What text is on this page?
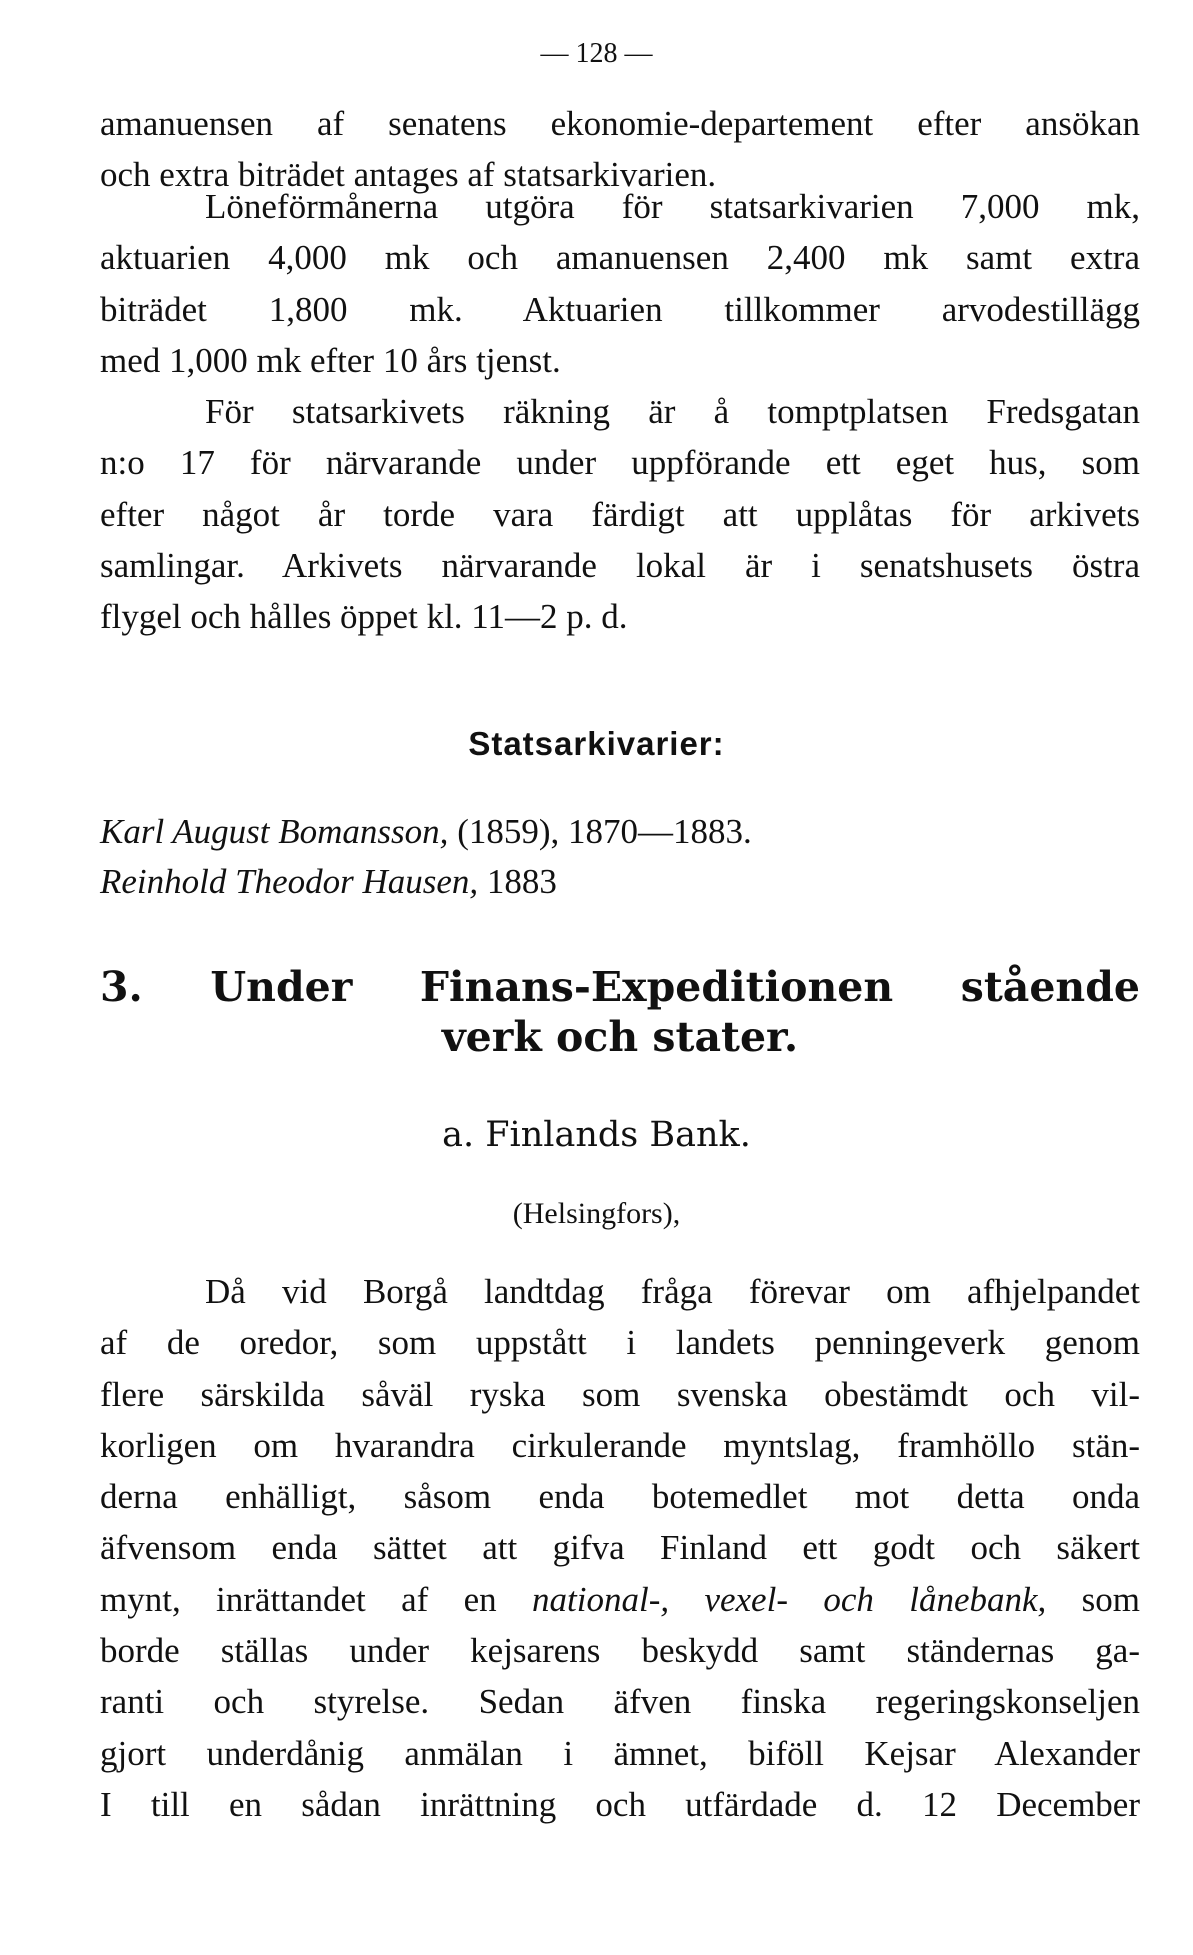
— 128 —
amanuensen af senatens ekonomie-departement efter ansökan
och extra biträdet antages af statsarkivarien.
Löneförmånerna utgöra för statsarkivarien 7,000 mk,
aktuarien 4,000 mk och amanuensen 2,400 mk samt extra
biträdet 1,800 mk. Aktuarien tillkommer arvodestillägg
med 1,000 mk efter 10 års tjenst.
För statsarkivets räkning är å tomptplatsen Fredsgatan
n:o 17 för närvarande under uppförande ett eget hus, som
efter något år torde vara färdigt att upplåtas för arkivets
samlingar. Arkivets närvarande lokal är i senatshusets östra
flygel och hålles öppet kl. 11—2 p. d.
Statsarkivarier:
Karl August Bomansson, (1859), 1870—1883.
Reinhold Theodor Hausen, 1883
3. Under Finans-Expeditionen stående
verk och stater.
a. Finlands Bank.
(Helsingfors),
Då vid Borgå landtdag fråga förevar om afhjelpandet
af de oredor, som uppstått i landets penningeverk genom
flere särskilda såväl ryska som svenska obestämdt och vil-
korligen om hvarandra cirkulerande myntslag, framhöllo stän-
derna enhälligt, såsom enda botemedlet mot detta onda
äfvensom enda sättet att gifva Finland ett godt och säkert
mynt, inrättandet af en national-, vexel- och lånebank, som
borde ställas under kejsarens beskydd samt ständernas ga-
ranti och styrelse. Sedan äfven finska regeringskonseljen
gjort underdånig anmälan i ämnet, biföll Kejsar Alexander
I till en sådan inrättning och utfärdade d. 12 December
